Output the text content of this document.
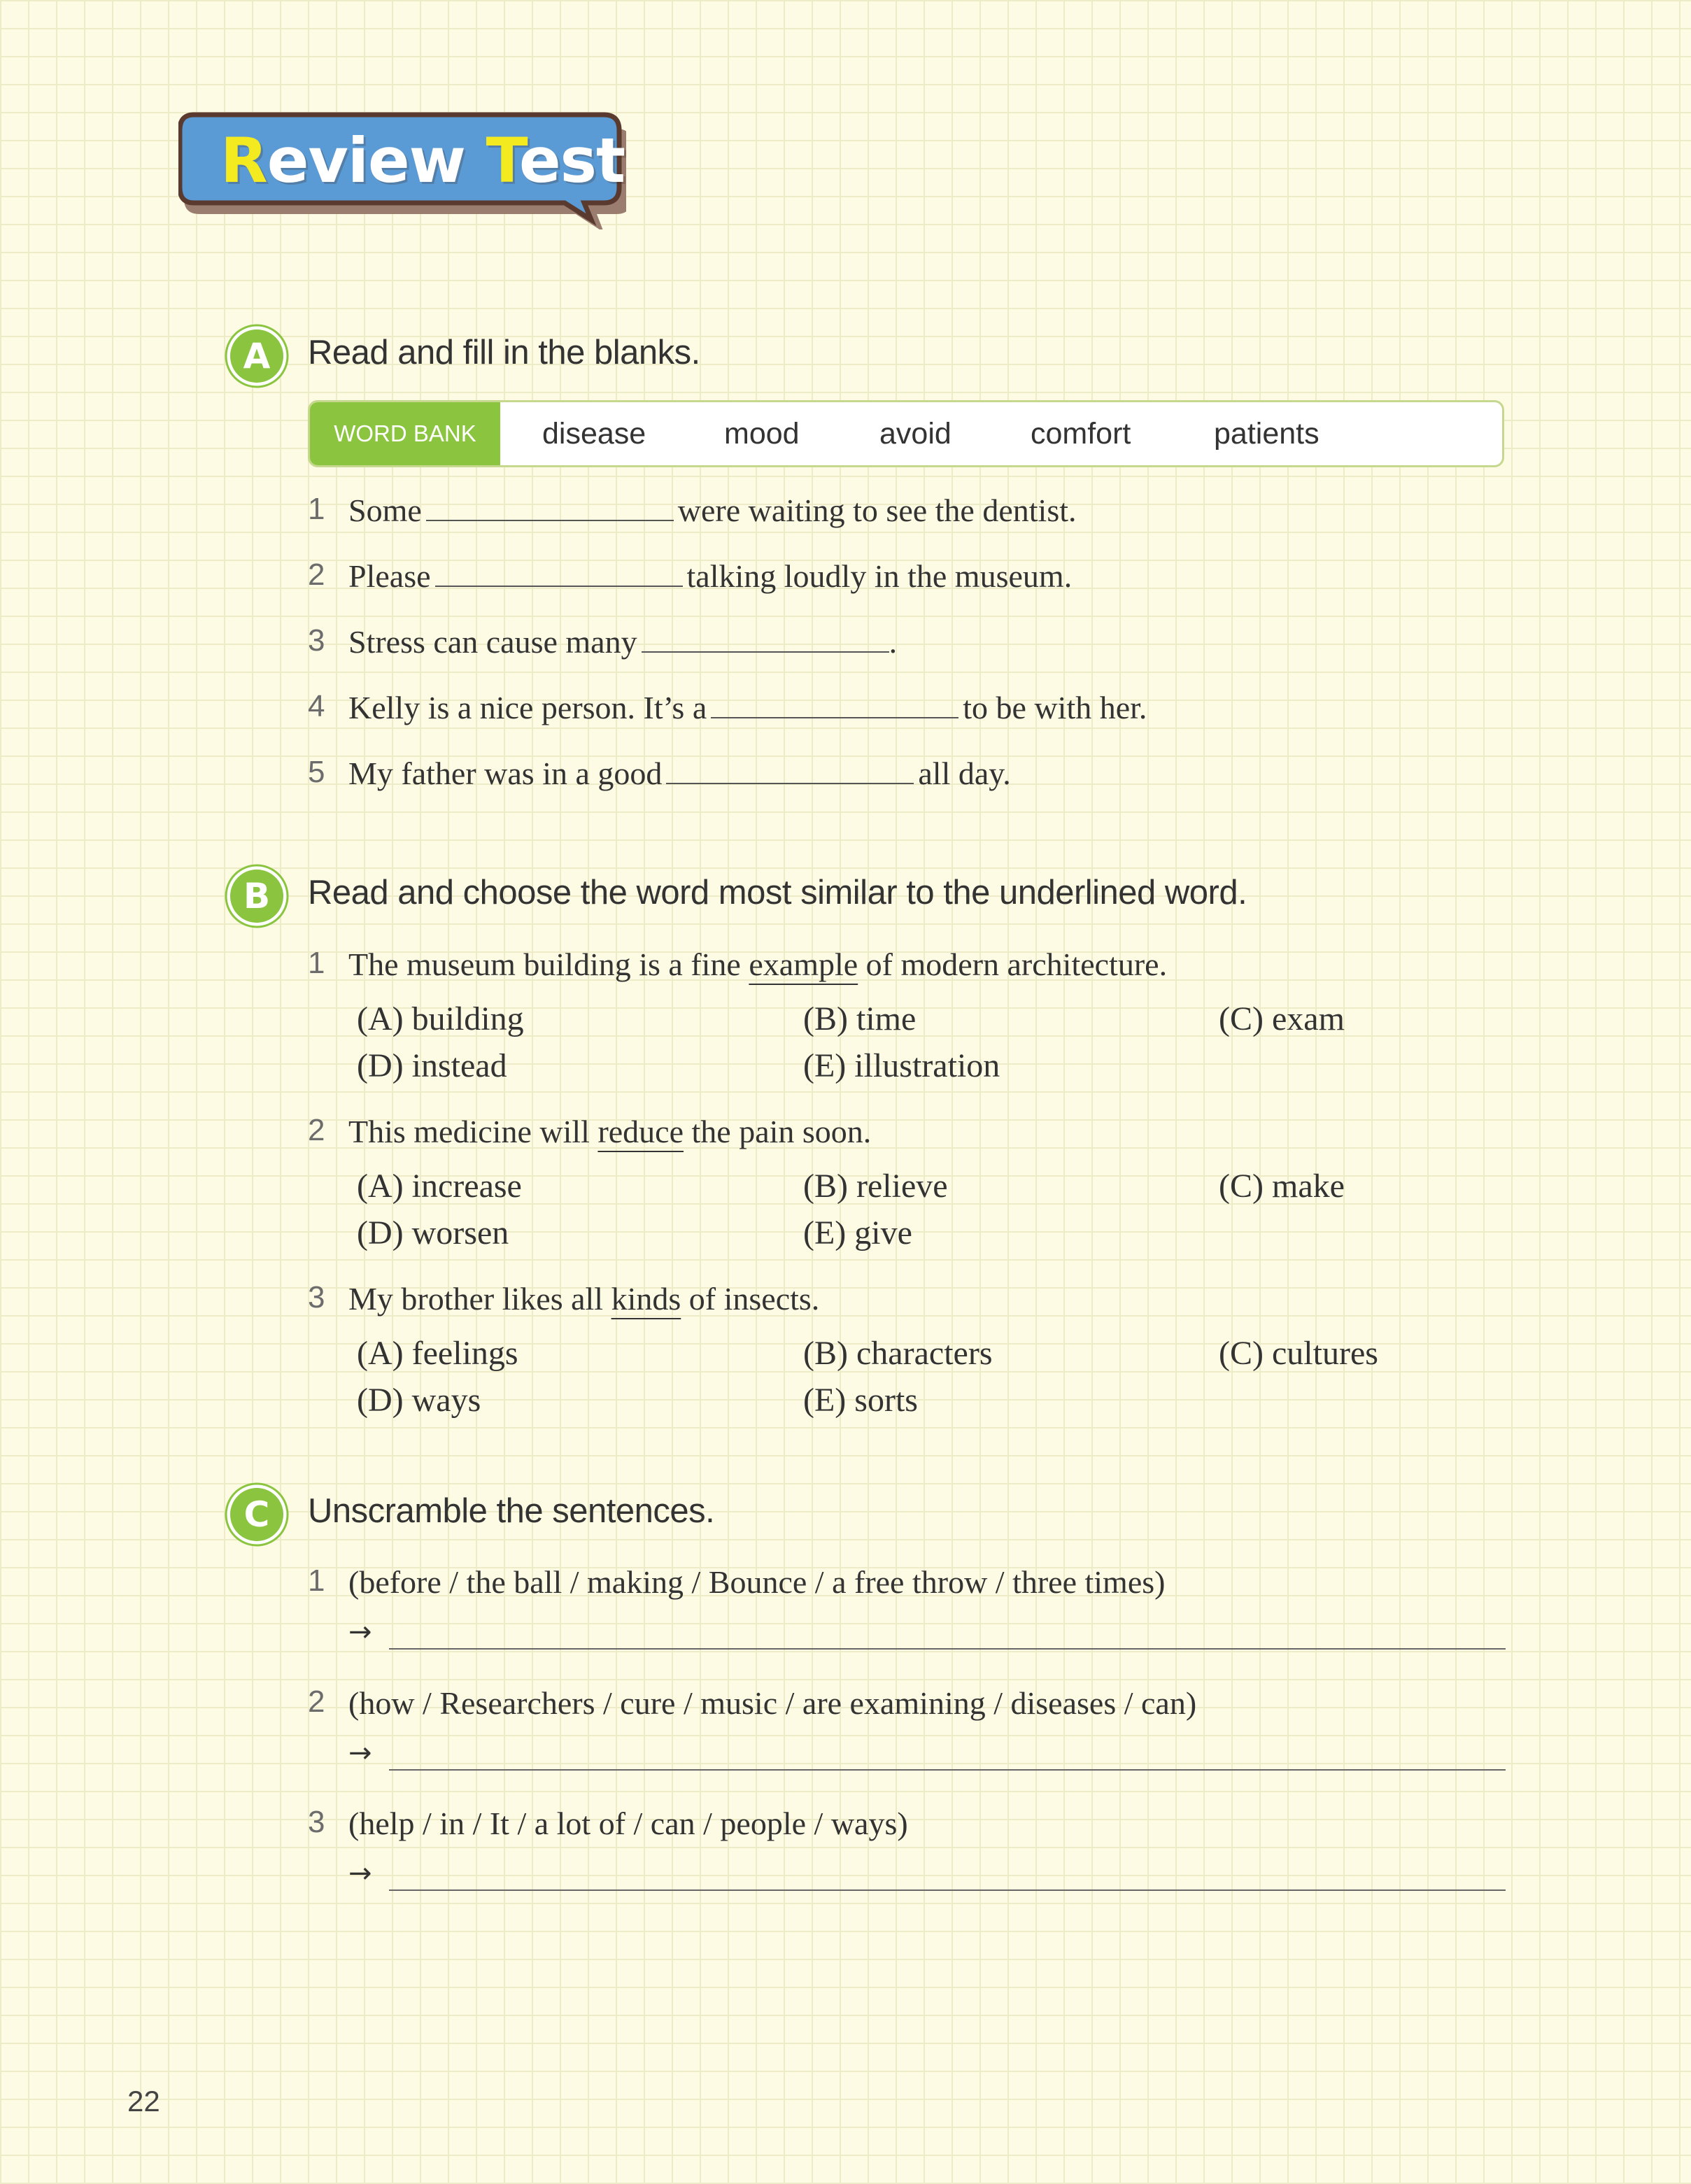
Review Test
A Read and fill in the blanks.
WORD BANK	disease	mood	avoid	comfort	patients
1 Some	were waiting to see the dentist.
2 Please	talking loudly in the museum.
3 Stress can cause many	.
4 Kelly is a nice person. It’s a	to be with her.
5 My father was in a good	all day.
B Read and choose the word most similar to the underlined word.
1 The museum building is a fine example of modern architecture.
(A) building	(B) time	(C) exam
(D) instead	(E) illustration
2 This medicine will reduce the pain soon.
(A) increase	(B) relieve	(C) make
(D) worsen	(E) give
3 My brother likes all kinds of insects.
(A) feelings	(B) characters	(C) cultures
(D) ways	(E) sorts
C Unscramble the sentences.
1 (before / the ball / making / Bounce / a free throw / three times)
→
2 (how / Researchers / cure / music / are examining / diseases / can)
→
3 (help / in / It / a lot of / can / people / ways)
→
22
